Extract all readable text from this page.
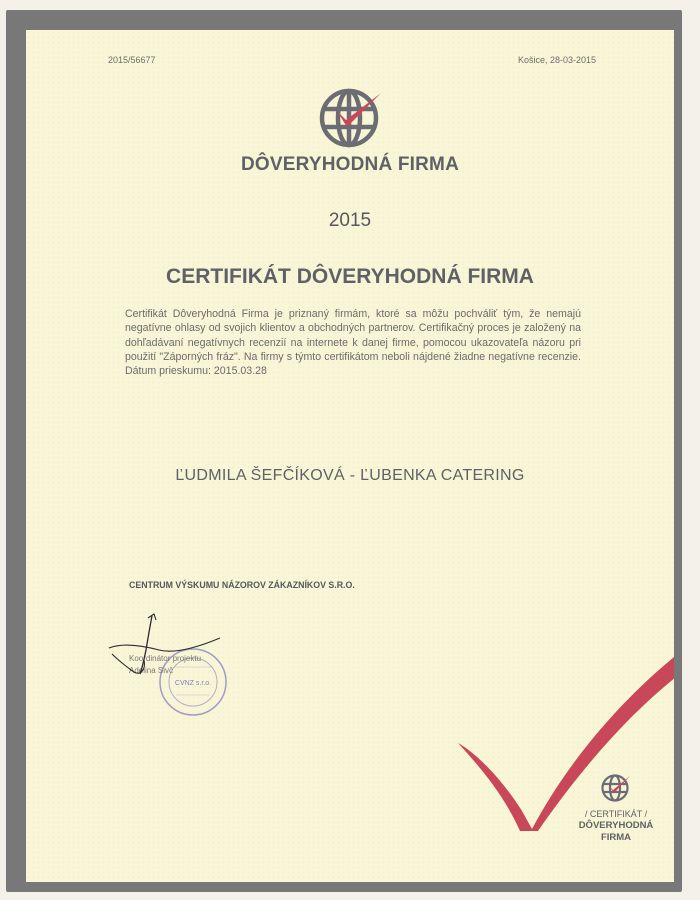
2015/56677	Košice, 28-03-2015
DÔVERYHODNÁ FIRMA
2015
CERTIFIKÁT DÔVERYHODNÁ FIRMA
Certifikát Dôveryhodná Firma je priznaný firmám, ktoré sa môžu pochváliť tým, že nemajú negatívne ohlasy od svojich klientov a obchodných partnerov. Certifikačný proces je založený na dohľadávaní negatívnych recenzií na internete k danej firme, pomocou ukazovateľa názoru pri použití "Záporných fráz". Na firmy s týmto certifikátom neboli nájdené žiadne negatívne recenzie. Dátum prieskumu: 2015.03.28
ĽUDMILA ŠEFČÍKOVÁ - ĽUBENKA CATERING
CENTRUM VÝSKUMU NÁZOROV ZÁKAZNÍKOV S.R.O.
CVNZ s.r.o.
Koordinátor projektu
Adelina Sivč
/ CERTIFIKÁT /
DÔVERYHODNÁ
FIRMA
